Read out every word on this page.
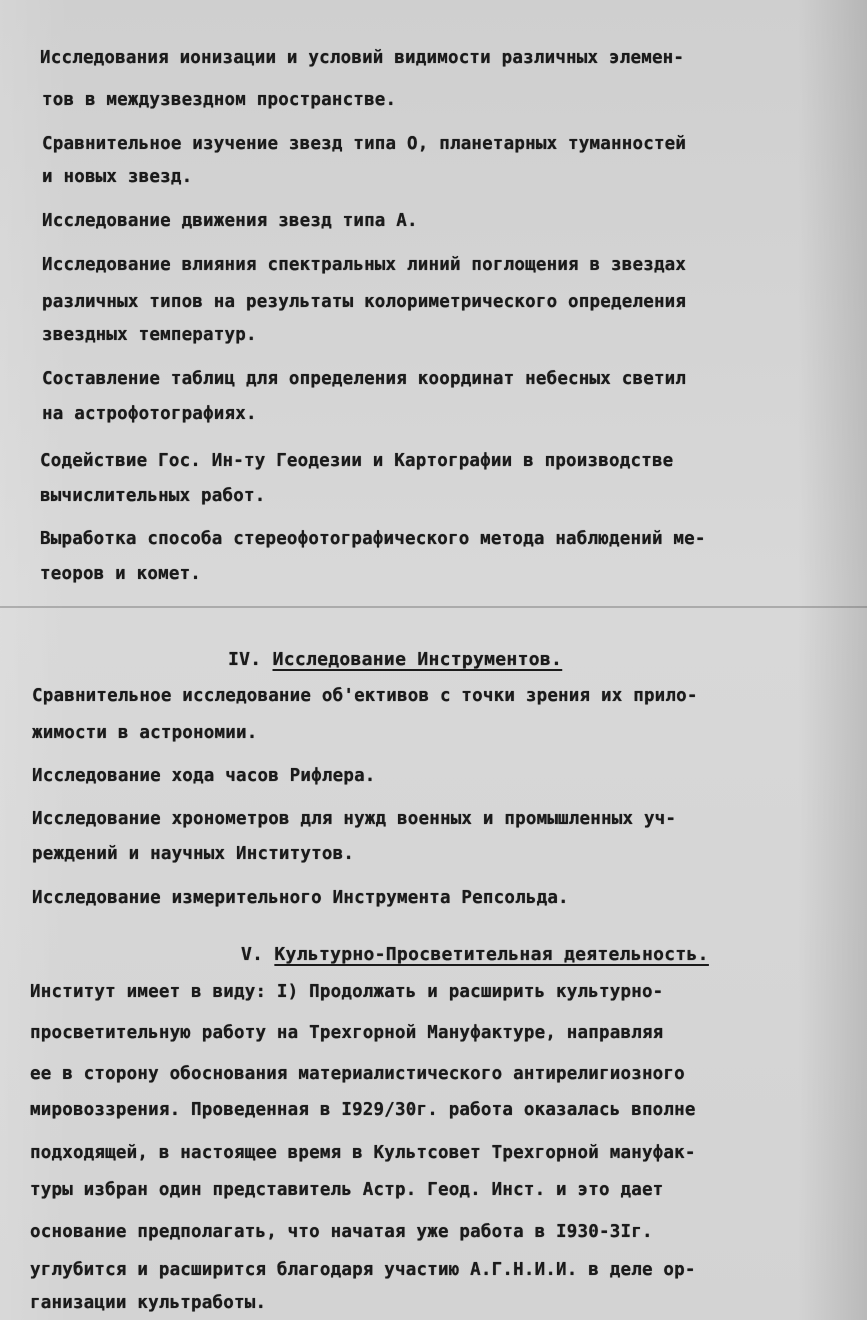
Исследования ионизации и условий видимости различных элемен-
тов в междузвездном пространстве.
Сравнительное изучение звезд типа О, планетарных туманностей
и новых звезд.
Исследование движения звезд типа А.
Исследование влияния спектральных линий поглощения в звездах
различных типов на результаты колориметрического определения
звездных температур.
Составление таблиц для определения координат небесных светил
на астрофотографиях.
Содействие Гос. Ин-ту Геодезии и Картографии в производстве
вычислительных работ.
Выработка способа стереофотографического метода наблюдений ме-
теоров и комет.
IV. Исследование Инструментов.
Сравнительное исследование об'ективов с точки зрения их прило-
жимости в астрономии.
Исследование хода часов Рифлера.
Исследование хронометров для нужд военных и промышленных уч-
реждений и научных Институтов.
Исследование измерительного Инструмента Репсольда.
V. Культурно-Просветительная деятельность.
Институт имеет в виду: I) Продолжать и расширить культурно-
просветительную работу на Трехгорной Мануфактуре, направляя
ее в сторону обоснования материалистического антирелигиозного
мировоззрения. Проведенная в I929/30г. работа оказалась вполне
подходящей, в настоящее время в Культсовет Трехгорной мануфак-
туры избран один представитель Астр. Геод. Инст. и это дает
основание предполагать, что начатая уже работа в I930-3Iг.
углубится и расширится благодаря участию А.Г.Н.И.И. в деле ор-
ганизации культработы.
